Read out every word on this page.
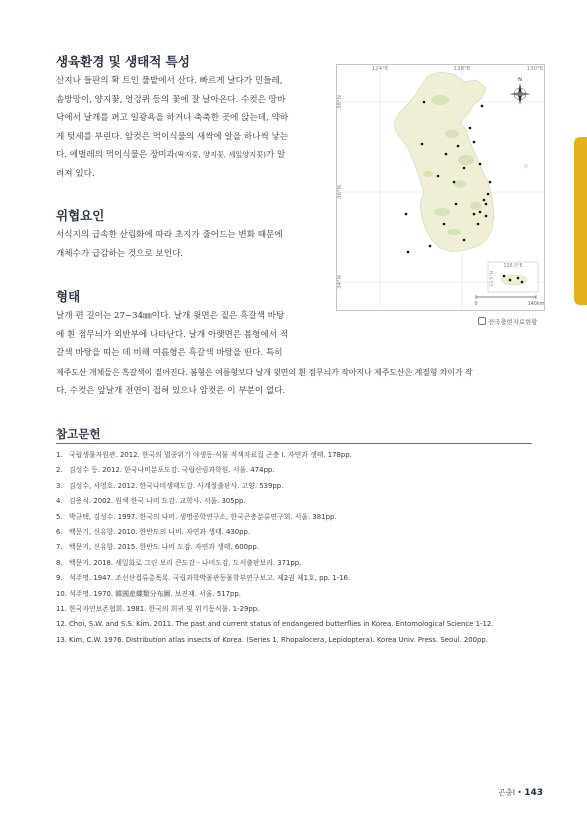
생육환경 및 생태적 특성
산지나 들판의 확 트인 풀밭에서 산다. 빠르게 날다가 민들레,
솜방망이, 양지꽃, 엉겅퀴 등의 꽃에 잘 날아온다. 수컷은 땅바
닥에서 날개를 펴고 일광욕을 하거나 축축한 곳에 앉는데, 약하
게 텃세를 부린다. 암컷은 먹이식물의 새싹에 알을 하나씩 낳는
다. 애벌레의 먹이식물은 장미과(딱지꽃, 양지꽃, 세잎양지꽃)가 알
려져 있다.
위협요인
서식지의 급속한 산림화에 따라 초지가 줄어드는 변화 때문에
개체수가 급감하는 것으로 보인다.
형태
날개 편 길이는 27~34㎜이다. 날개 윗면은 짙은 흑갈색 바탕
에 흰 점무늬가 외반부에 나타난다. 날개 아랫면은 봄형에서 적
갈색 바탕을 띠는 데 비해 여름형은 흑갈색 바탕을 띤다. 특히
제주도산 개체들은 흑갈색이 짙어진다. 봄형은 여름형보다 날개 윗면의 흰 점무늬가 작아지나 제주도산은 계절형 차이가 작
다. 수컷은 앞날개 전연이 접혀 있으나 암컷은 이 부분이 없다.
124°E	128°E	130°E
38°N
36°N
34°N
N
126.5°E
33.5°N
0	140km
전국출현자료현황
참고문헌
1. 국립생물자원관. 2012. 한국의 멸종위기 야생동·식물 적색자료집 곤충 I. 자연과 생태. 178pp.
2. 김성수 등. 2012. 한국나비분포도감. 국립산림과학원. 서울. 474pp.
3. 김성수, 서영호. 2012. 한국나비생태도감. 사계절출판사. 고양. 539pp.
4. 김용식. 2002. 원색 한국 나비 도감. 교학사. 서울. 305pp.
5. 박규택, 김성수. 1997. 한국의 나비. 생명공학연구소, 한국곤충분류연구회. 서울. 381pp.
6. 백문기, 신유항. 2010. 한반도의 나비. 자연과 생태. 430pp.
7. 백문기, 신유항. 2015. 한반도 나비 도감. 자연과 생태. 600pp.
8. 백문기. 2018. 세밀화로 그린 보리 큰도감 - 나비도감. 도서출판보리. 371pp.
9. 석주명. 1947. 조선산접류총목록. 국립과학박물관동물학부연구보고. 제2권 제1호, pp. 1-16.
10. 석주명. 1970. 韓國産蝶類分布圖. 보진재. 서울. 517pp.
11. 한국자연보존협회. 1981. 한국의 희귀 및 위기동식물. 1-29pp.
12. Choi, S.W. and S.S. Kim. 2011. The past and current status of endangered butterflies in Korea. Entomological Science 1-12.
13. Kim, C.W. 1976. Distribution atlas insects of Korea. (Series 1, Rhopalocera, Lepidoptera). Korea Univ. Press. Seoul. 200pp.
곤충Ⅰ • 143
